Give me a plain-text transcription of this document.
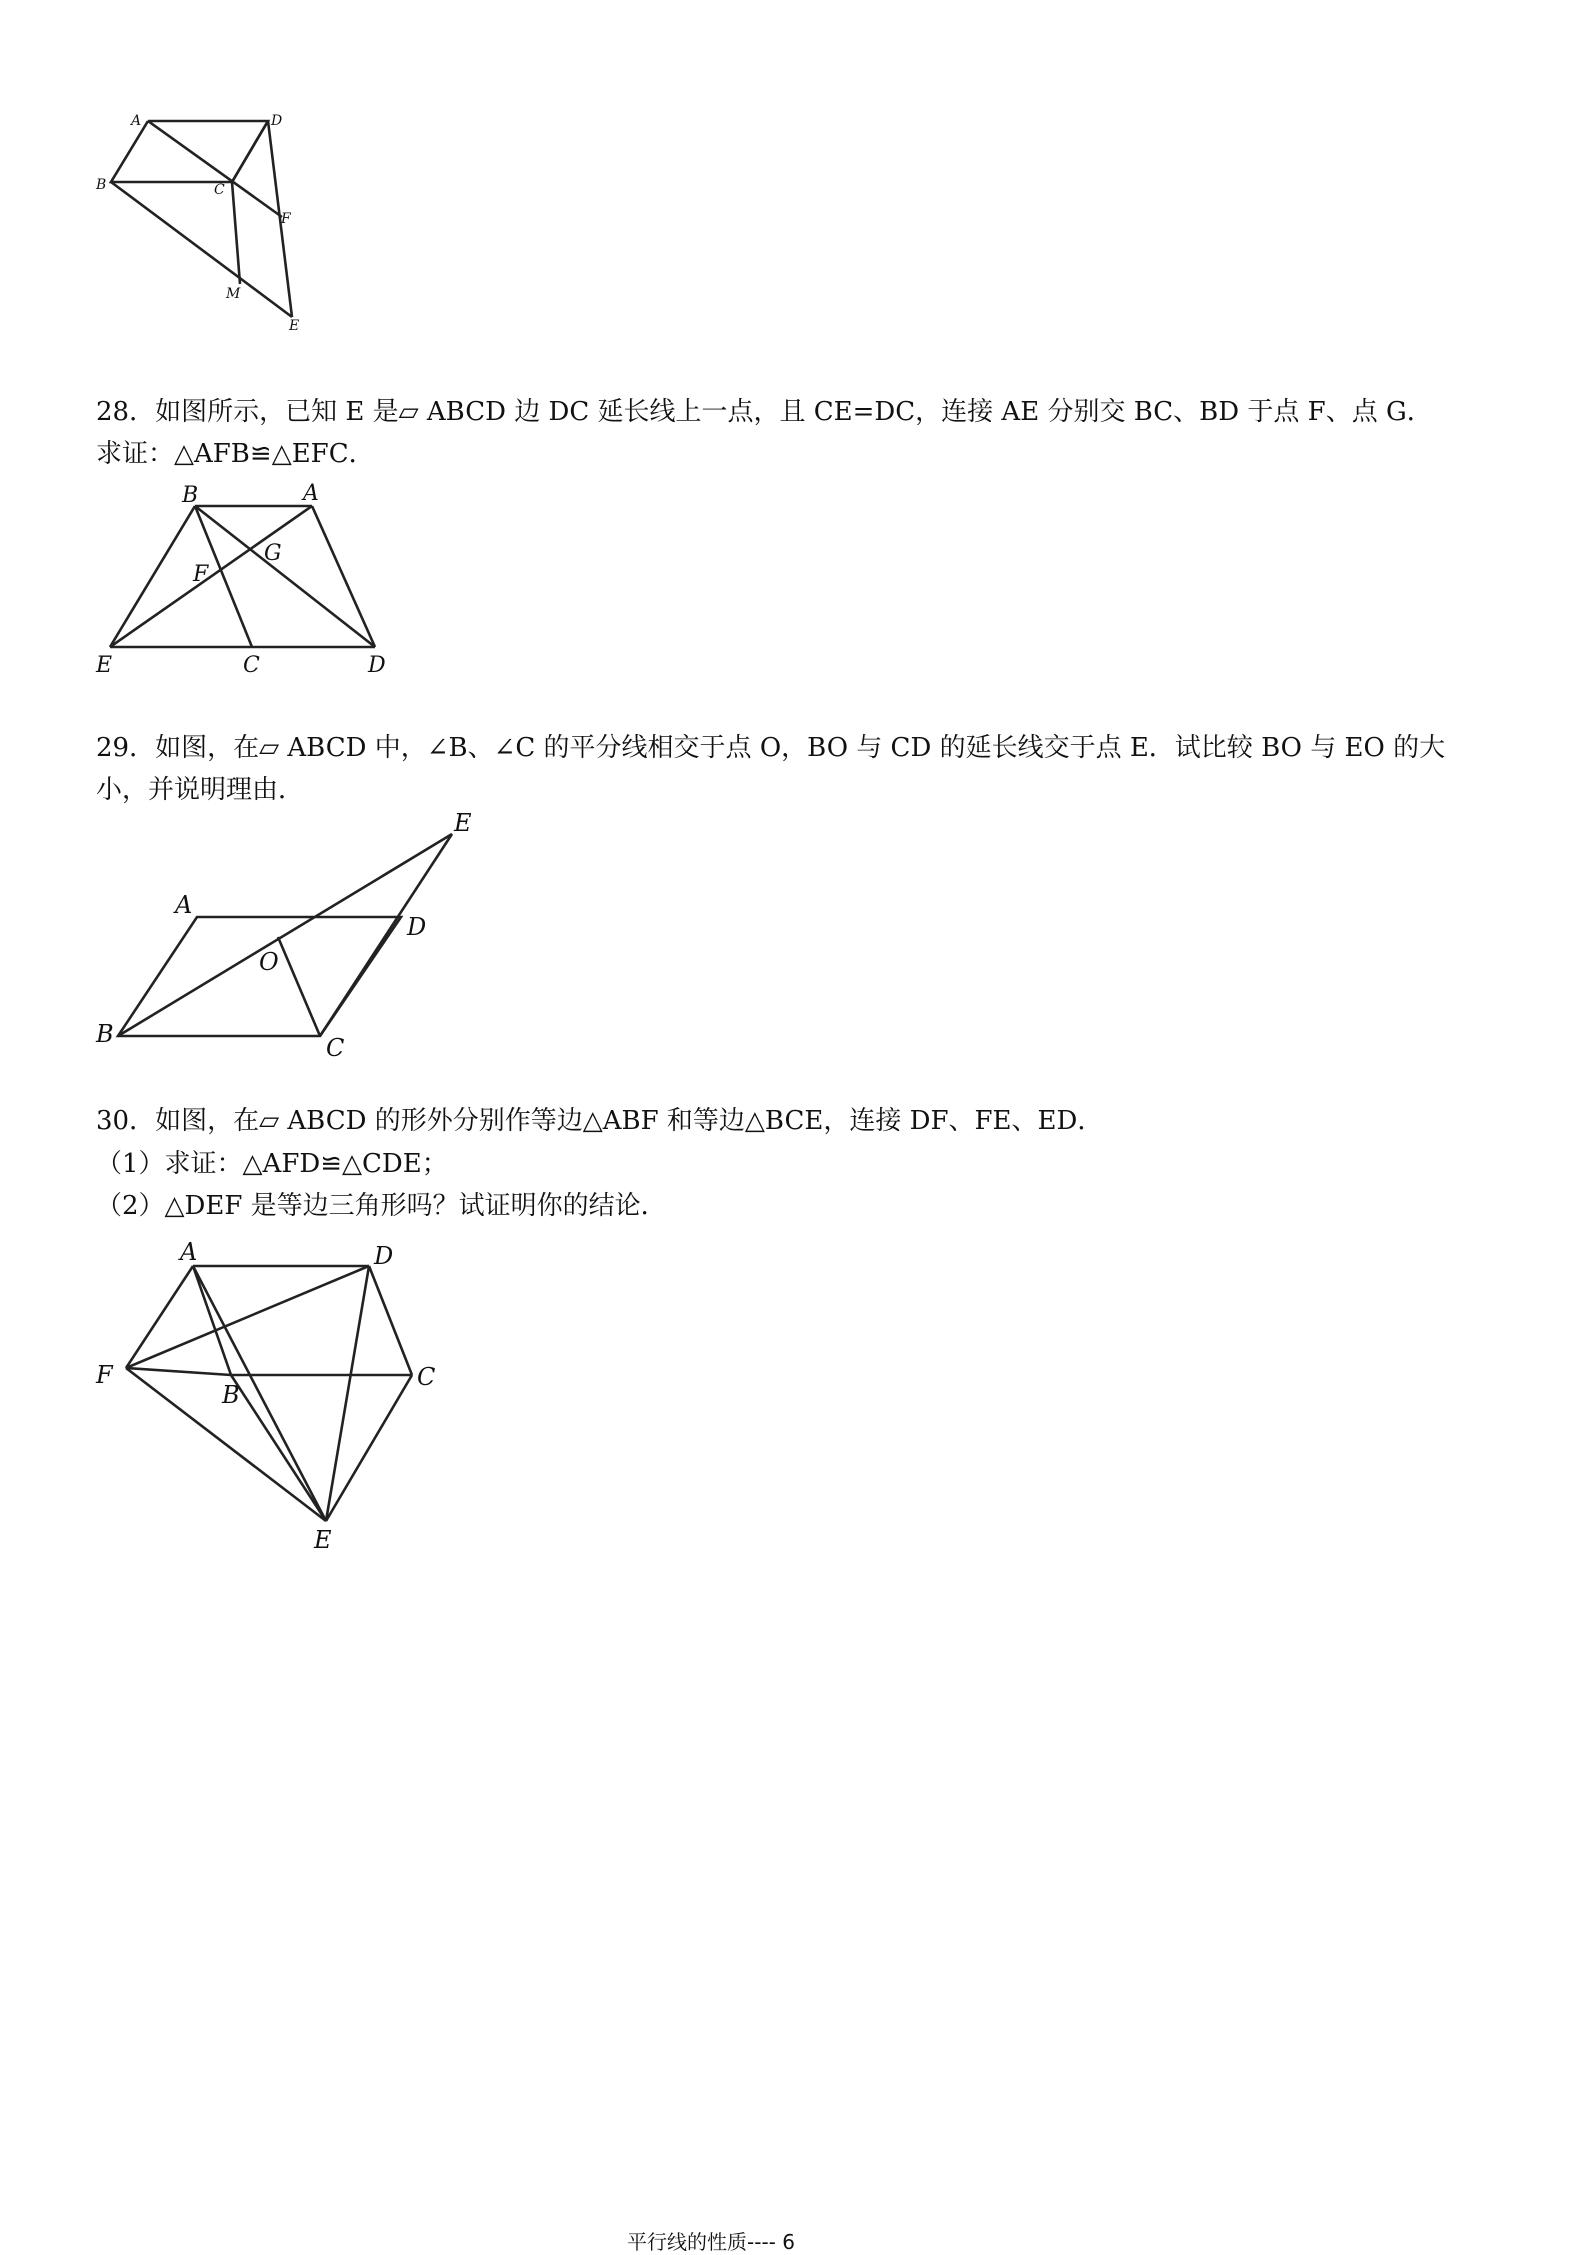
A	D
B	C
F
M
E
28．如图所示，已知 E 是▱ ABCD 边 DC 延长线上一点，且 CE=DC，连接 AE 分别交 BC、BD 于点 F、点 G．
求证：△AFB≌△EFC．
B	A
G
F
E	C	D
29．如图，在▱ ABCD 中，∠B、∠C 的平分线相交于点 O，BO 与 CD 的延长线交于点 E．试比较 BO 与 EO 的大
小，并说明理由．
E
A
D
O
B	C
30．如图，在▱ ABCD 的形外分别作等边△ABF 和等边△BCE，连接 DF、FE、ED．
（1）求证：△AFD≌△CDE；
（2）△DEF 是等边三角形吗？试证明你的结论．
A	D
F
B
C
E
平行线的性质---- 6
